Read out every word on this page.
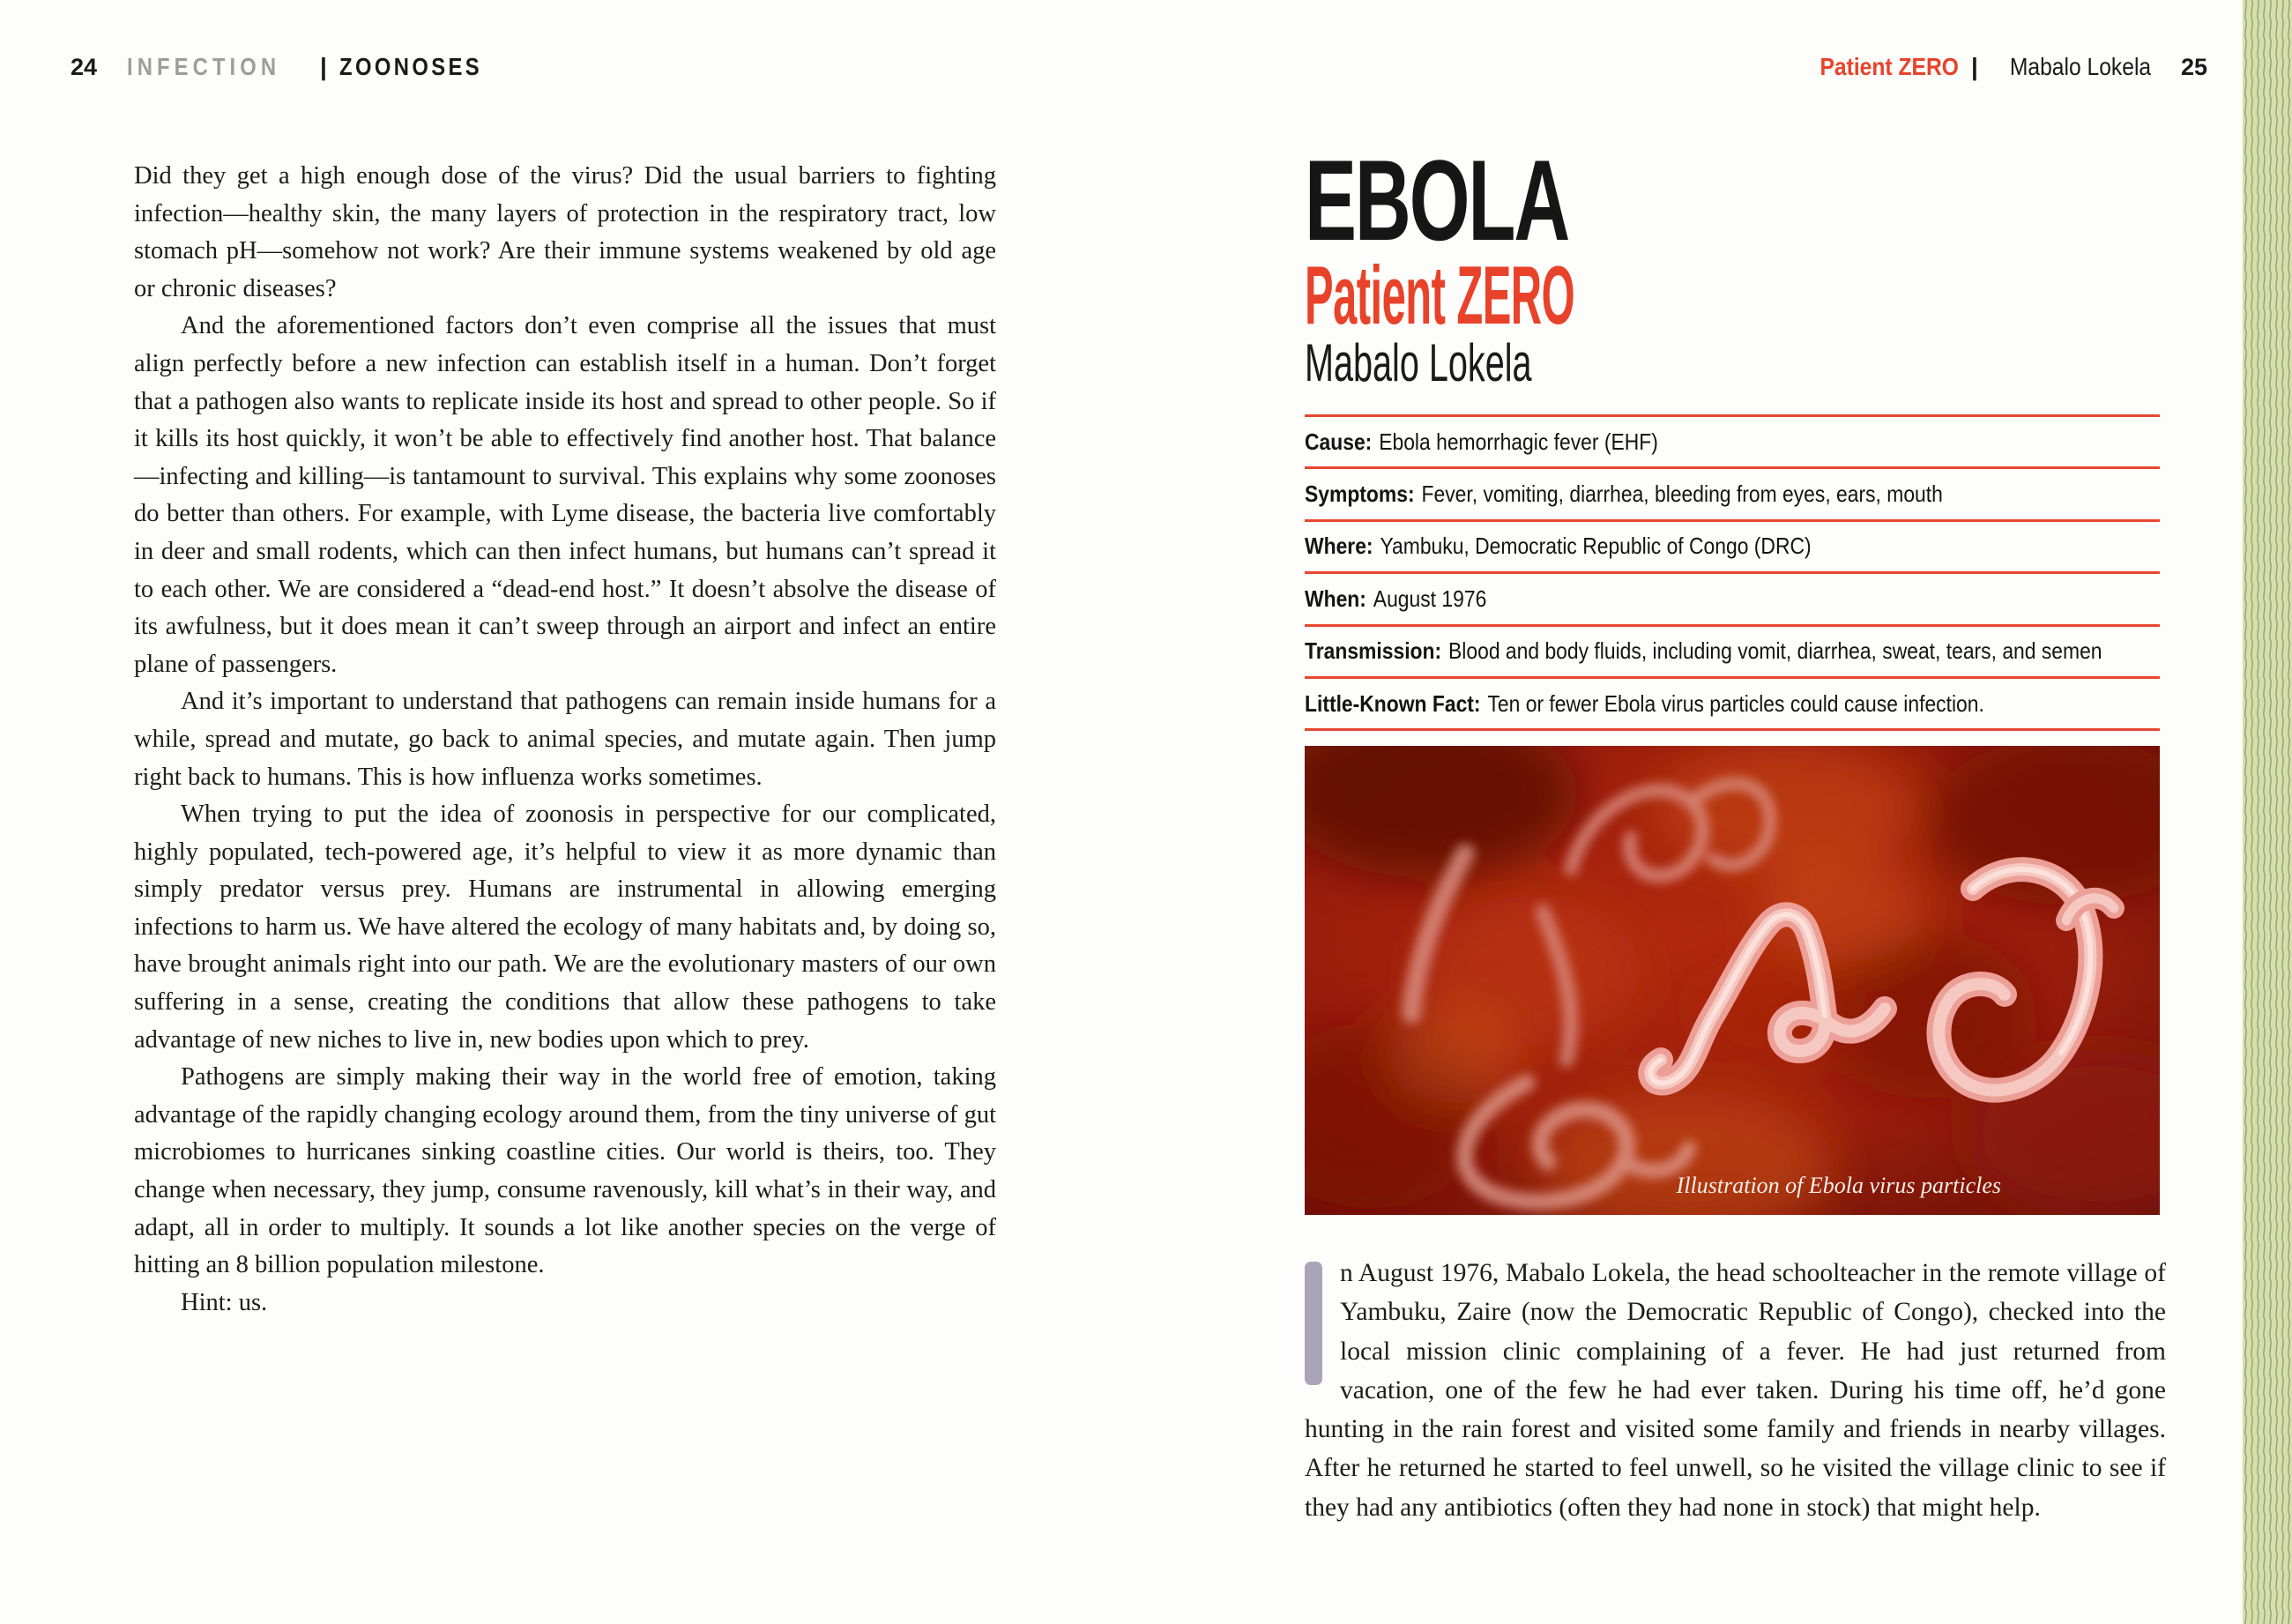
24 INFECTION | ZOONOSES	Patient ZERO | Mabalo Lokela 25

Did they get a high enough dose of the virus? Did the usual barriers to fighting infection—healthy skin, the many layers of protection in the respiratory tract, low stomach pH—somehow not work? Are their immune systems weakened by old age or chronic diseases?

And the aforementioned factors don’t even comprise all the issues that must align perfectly before a new infection can establish itself in a human. Don’t forget that a pathogen also wants to replicate inside its host and spread to other people. So if it kills its host quickly, it won’t be able to effectively find another host. That balance—infecting and killing—is tantamount to survival. This explains why some zoonoses do better than others. For example, with Lyme disease, the bacteria live comfortably in deer and small rodents, which can then infect humans, but humans can’t spread it to each other. We are considered a “dead-end host.” It doesn’t absolve the disease of its awfulness, but it does mean it can’t sweep through an airport and infect an entire plane of passengers.

And it’s important to understand that pathogens can remain inside humans for a while, spread and mutate, go back to animal species, and mutate again. Then jump right back to humans. This is how influenza works sometimes.

When trying to put the idea of zoonosis in perspective for our complicated, highly populated, tech-powered age, it’s helpful to view it as more dynamic than simply predator versus prey. Humans are instrumental in allowing emerging infections to harm us. We have altered the ecology of many habitats and, by doing so, have brought animals right into our path. We are the evolutionary masters of our own suffering in a sense, creating the conditions that allow these pathogens to take advantage of new niches to live in, new bodies upon which to prey.

Pathogens are simply making their way in the world free of emotion, taking advantage of the rapidly changing ecology around them, from the tiny universe of gut microbiomes to hurricanes sinking coastline cities. Our world is theirs, too. They change when necessary, they jump, consume ravenously, kill what’s in their way, and adapt, all in order to multiply. It sounds a lot like another species on the verge of hitting an 8 billion population milestone.

Hint: us.

EBOLA
Patient ZERO
Mabalo Lokela
Cause: Ebola hemorrhagic fever (EHF)
Symptoms: Fever, vomiting, diarrhea, bleeding from eyes, ears, mouth
Where: Yambuku, Democratic Republic of Congo (DRC)
When: August 1976
Transmission: Blood and body fluids, including vomit, diarrhea, sweat, tears, and semen
Little-Known Fact: Ten or fewer Ebola virus particles could cause infection.
Illustration of Ebola virus particles
n August 1976, Mabalo Lokela, the head schoolteacher in the remote village of Yambuku, Zaire (now the Democratic Republic of Congo), checked into the local mission clinic complaining of a fever. He had just returned from vacation, one of the few he had ever taken. During his time off, he’d gone hunting in the rain forest and visited some family and friends in nearby villages. After he returned he started to feel unwell, so he visited the village clinic to see if they had any antibiotics (often they had none in stock) that might help.
